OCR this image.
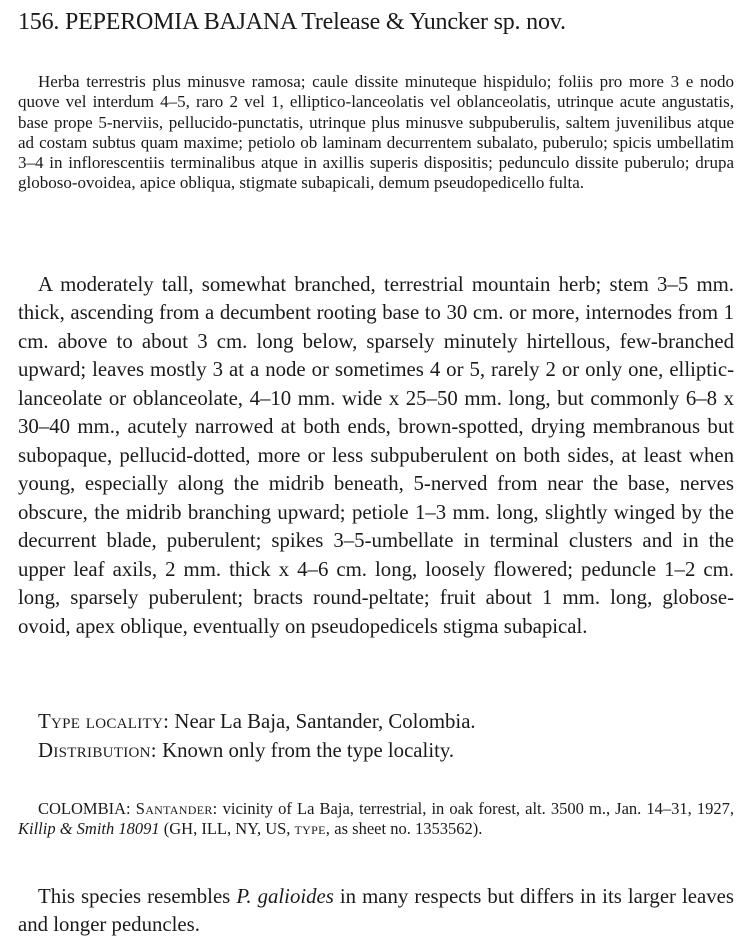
156. PEPEROMIA BAJANA Trelease & Yuncker sp. nov.

Herba terrestris plus minusve ramosa; caule dissite minuteque hispidulo; foliis pro more 3 e nodo quove vel interdum 4–5, raro 2 vel 1, elliptico-lanceolatis vel oblanceolatis, utrinque acute angustatis, base prope 5-nerviis, pellucido-punctatis, utrinque plus minusve subpuberulis, saltem juvenilibus atque ad costam subtus quam maxime; petiolo ob laminam decurrentem subalato, puberulo; spicis umbellatim 3–4 in inflorescentiis terminalibus atque in axillis superis dispositis; pedunculo dissite puberulo; drupa globoso-ovoidea, apice obliqua, stigmate subapicali, demum pseudopedicello fulta.

A moderately tall, somewhat branched, terrestrial mountain herb; stem 3–5 mm. thick, ascending from a decumbent rooting base to 30 cm. or more, internodes from 1 cm. above to about 3 cm. long below, sparsely minutely hirtellous, few-branched upward; leaves mostly 3 at a node or sometimes 4 or 5, rarely 2 or only one, elliptic-lanceolate or oblanceolate, 4–10 mm. wide x 25–50 mm. long, but commonly 6–8 x 30–40 mm., acutely narrowed at both ends, brown-spotted, drying membranous but subopaque, pellucid-dotted, more or less subpuberulent on both sides, at least when young, especially along the midrib beneath, 5-nerved from near the base, nerves obscure, the midrib branching upward; petiole 1–3 mm. long, slightly winged by the decurrent blade, puberulent; spikes 3–5-umbellate in terminal clusters and in the upper leaf axils, 2 mm. thick x 4–6 cm. long, loosely flowered; peduncle 1–2 cm. long, sparsely puberulent; bracts round-peltate; fruit about 1 mm. long, globose-ovoid, apex oblique, eventually on pseudopedicels stigma subapical.

Type locality: Near La Baja, Santander, Colombia.
Distribution: Known only from the type locality.

COLOMBIA: Santander: vicinity of La Baja, terrestrial, in oak forest, alt. 3500 m., Jan. 14–31, 1927, Killip & Smith 18091 (GH, ILL, NY, US, type, as sheet no. 1353562).

This species resembles P. galioides in many respects but differs in its larger leaves and longer peduncles.
